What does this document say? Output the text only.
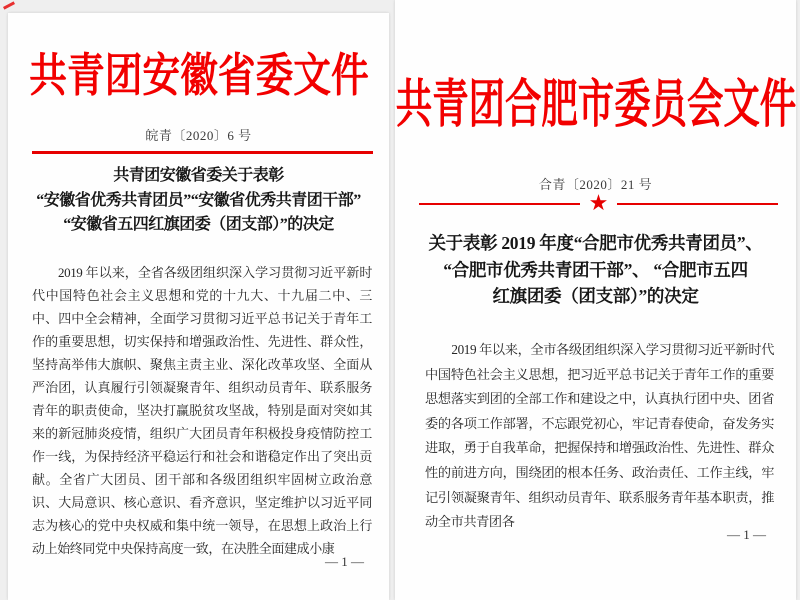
共青团安徽省委文件
皖青〔2020〕6 号
共青团安徽省委关于表彰
“安徽省优秀共青团员”“安徽省优秀共青团干部”
“安徽省五四红旗团委（团支部）”的决定

2019 年以来，全省各级团组织深入学习贯彻习近平新时代中国特色社会主义思想和党的十九大、十九届二中、三中、四中全会精神，全面学习贯彻习近平总书记关于青年工作的重要思想，切实保持和增强政治性、先进性、群众性，坚持高举伟大旗帜、聚焦主责主业、深化改革攻坚、全面从严治团，认真履行引领凝聚青年、组织动员青年、联系服务青年的职责使命，坚决打赢脱贫攻坚战，特别是面对突如其来的新冠肺炎疫情，组织广大团员青年积极投身疫情防控工作一线，为保持经济平稳运行和社会和谐稳定作出了突出贡献。全省广大团员、团干部和各级团组织牢固树立政治意识、大局意识、核心意识、看齐意识，坚定维护以习近平同志为核心的党中央权威和集中统一领导，在思想上政治上行动上始终同党中央保持高度一致，在决胜全面建成小康

— 1 —
共青团合肥市委员会文件
合青〔2020〕21 号
★
关于表彰 2019 年度“合肥市优秀共青团员”、
“合肥市优秀共青团干部”、 “合肥市五四
红旗团委（团支部）”的决定

2019 年以来，全市各级团组织深入学习贯彻习近平新时代中国特色社会主义思想，把习近平总书记关于青年工作的重要思想落实到团的全部工作和建设之中，认真执行团中央、团省委的各项工作部署，不忘跟党初心，牢记青春使命，奋发务实进取，勇于自我革命，把握保持和增强政治性、先进性、群众性的前进方向，围绕团的根本任务、政治责任、工作主线，牢记引领凝聚青年、组织动员青年、联系服务青年基本职责，推动全市共青团各

— 1 —
